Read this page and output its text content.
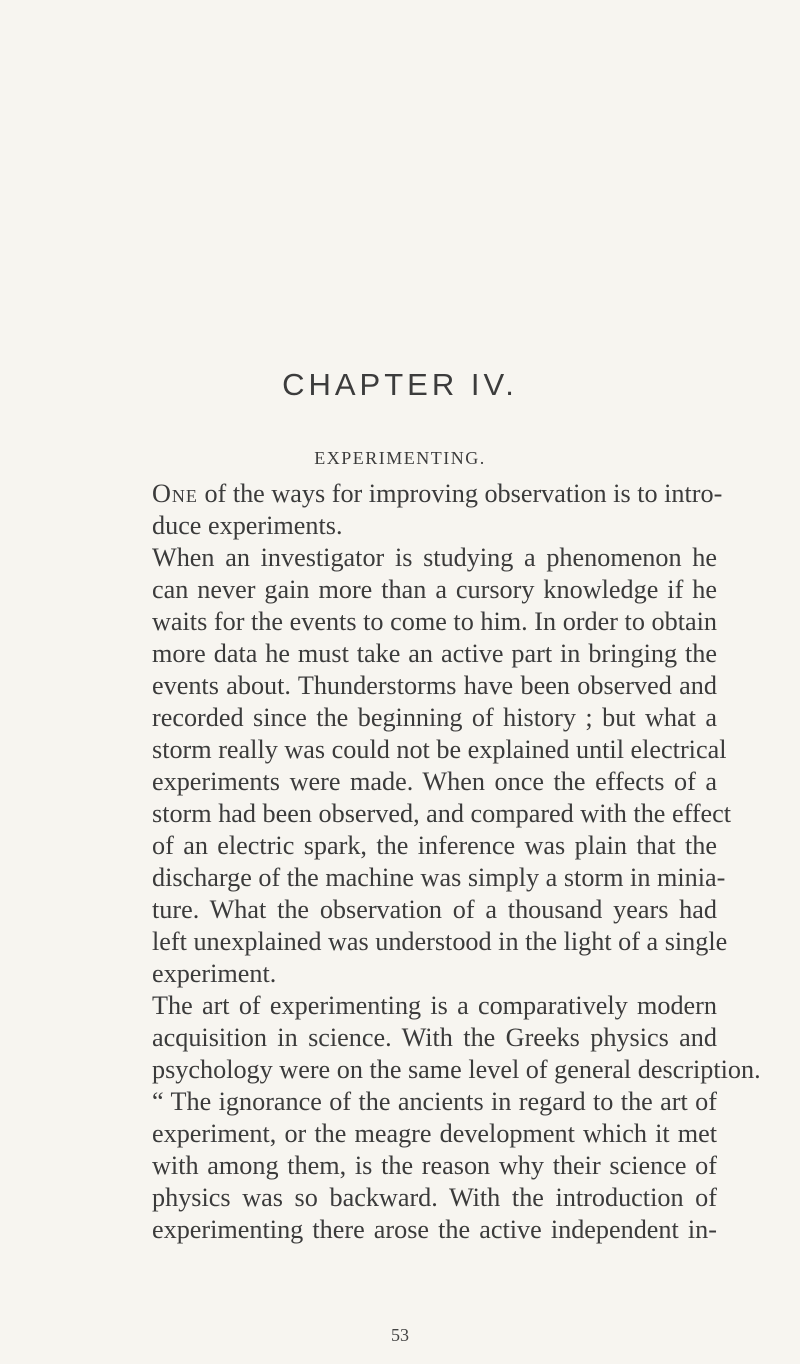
CHAPTER IV.
EXPERIMENTING.
One of the ways for improving observation is to intro-
duce experiments.
When an investigator is studying a phenomenon he
can never gain more than a cursory knowledge if he
waits for the events to come to him. In order to obtain
more data he must take an active part in bringing the
events about. Thunderstorms have been observed and
recorded since the beginning of history ; but what a
storm really was could not be explained until electrical
experiments were made. When once the effects of a
storm had been observed, and compared with the effect
of an electric spark, the inference was plain that the
discharge of the machine was simply a storm in minia-
ture. What the observation of a thousand years had
left unexplained was understood in the light of a single
experiment.
The art of experimenting is a comparatively modern
acquisition in science. With the Greeks physics and
psychology were on the same level of general description.
“ The ignorance of the ancients in regard to the art of
experiment, or the meagre development which it met
with among them, is the reason why their science of
physics was so backward. With the introduction of
experimenting there arose the active independent in-
53
